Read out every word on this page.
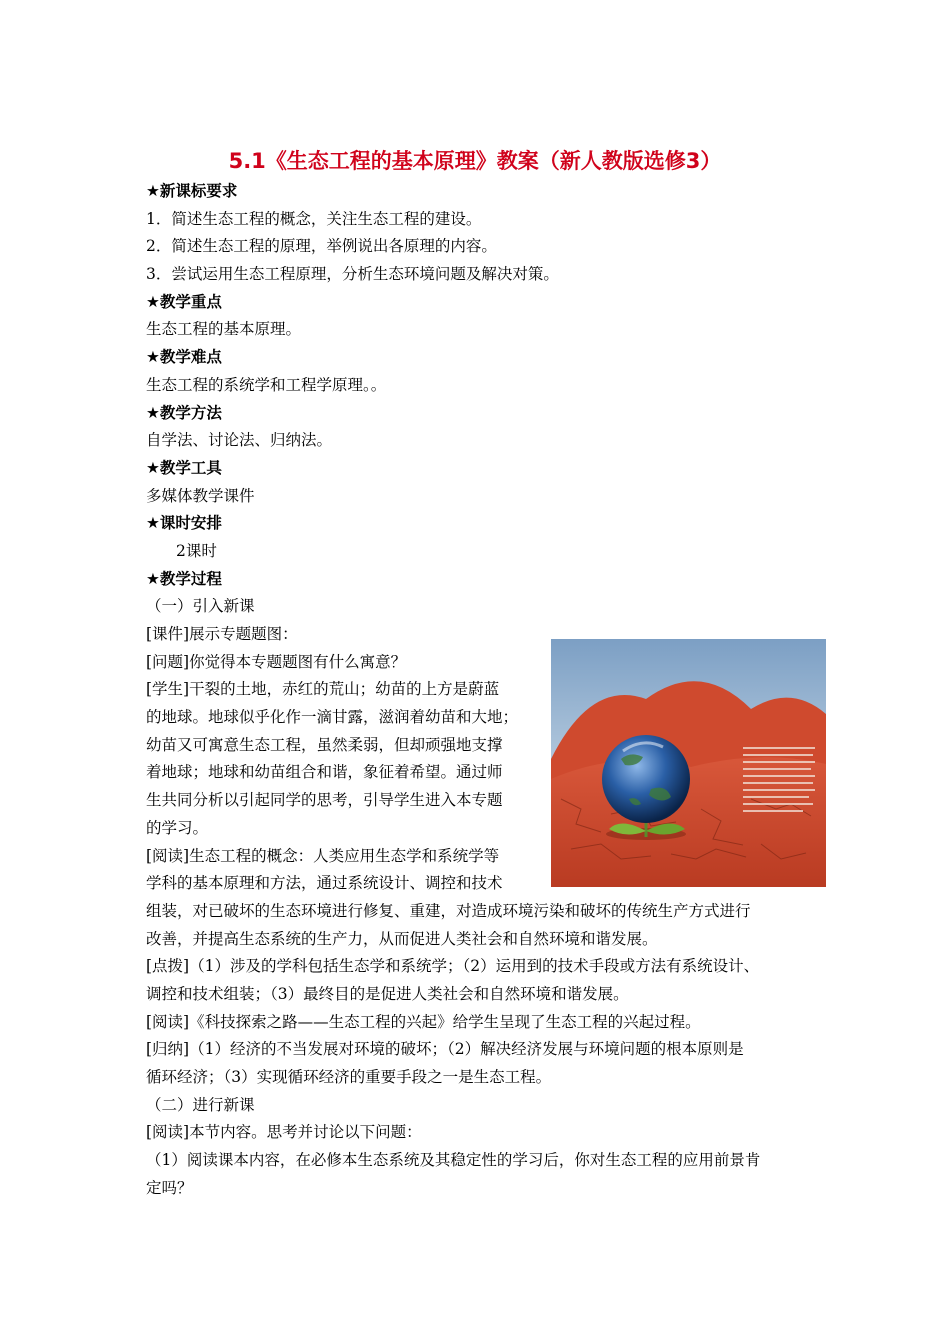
5.1《生态工程的基本原理》教案（新人教版选修3）
★新课标要求
1．简述生态工程的概念，关注生态工程的建设。
2．简述生态工程的原理，举例说出各原理的内容。
3．尝试运用生态工程原理，分析生态环境问题及解决对策。
★教学重点
生态工程的基本原理。
★教学难点
生态工程的系统学和工程学原理。。
★教学方法
自学法、讨论法、归纳法。
★教学工具
多媒体教学课件
★课时安排
2课时
★教学过程
（一）引入新课
[课件]展示专题题图：
[问题]你觉得本专题题图有什么寓意？
[学生]干裂的土地，赤红的荒山；幼苗的上方是蔚蓝
的地球。地球似乎化作一滴甘露，滋润着幼苗和大地；
幼苗又可寓意生态工程，虽然柔弱，但却顽强地支撑
着地球；地球和幼苗组合和谐，象征着希望。通过师
生共同分析以引起同学的思考，引导学生进入本专题
的学习。
[阅读]生态工程的概念：人类应用生态学和系统学等
学科的基本原理和方法，通过系统设计、调控和技术
组装，对已破坏的生态环境进行修复、重建，对造成环境污染和破坏的传统生产方式进行
改善，并提高生态系统的生产力，从而促进人类社会和自然环境和谐发展。
[点拨]（1）涉及的学科包括生态学和系统学；（2）运用到的技术手段或方法有系统设计、
调控和技术组装；（3）最终目的是促进人类社会和自然环境和谐发展。
[阅读]《科技探索之路——生态工程的兴起》给学生呈现了生态工程的兴起过程。
[归纳]（1）经济的不当发展对环境的破坏；（2）解决经济发展与环境问题的根本原则是
循环经济；（3）实现循环经济的重要手段之一是生态工程。
（二）进行新课
[阅读]本节内容。思考并讨论以下问题：
（1）阅读课本内容，在必修本生态系统及其稳定性的学习后，你对生态工程的应用前景肯
定吗？
